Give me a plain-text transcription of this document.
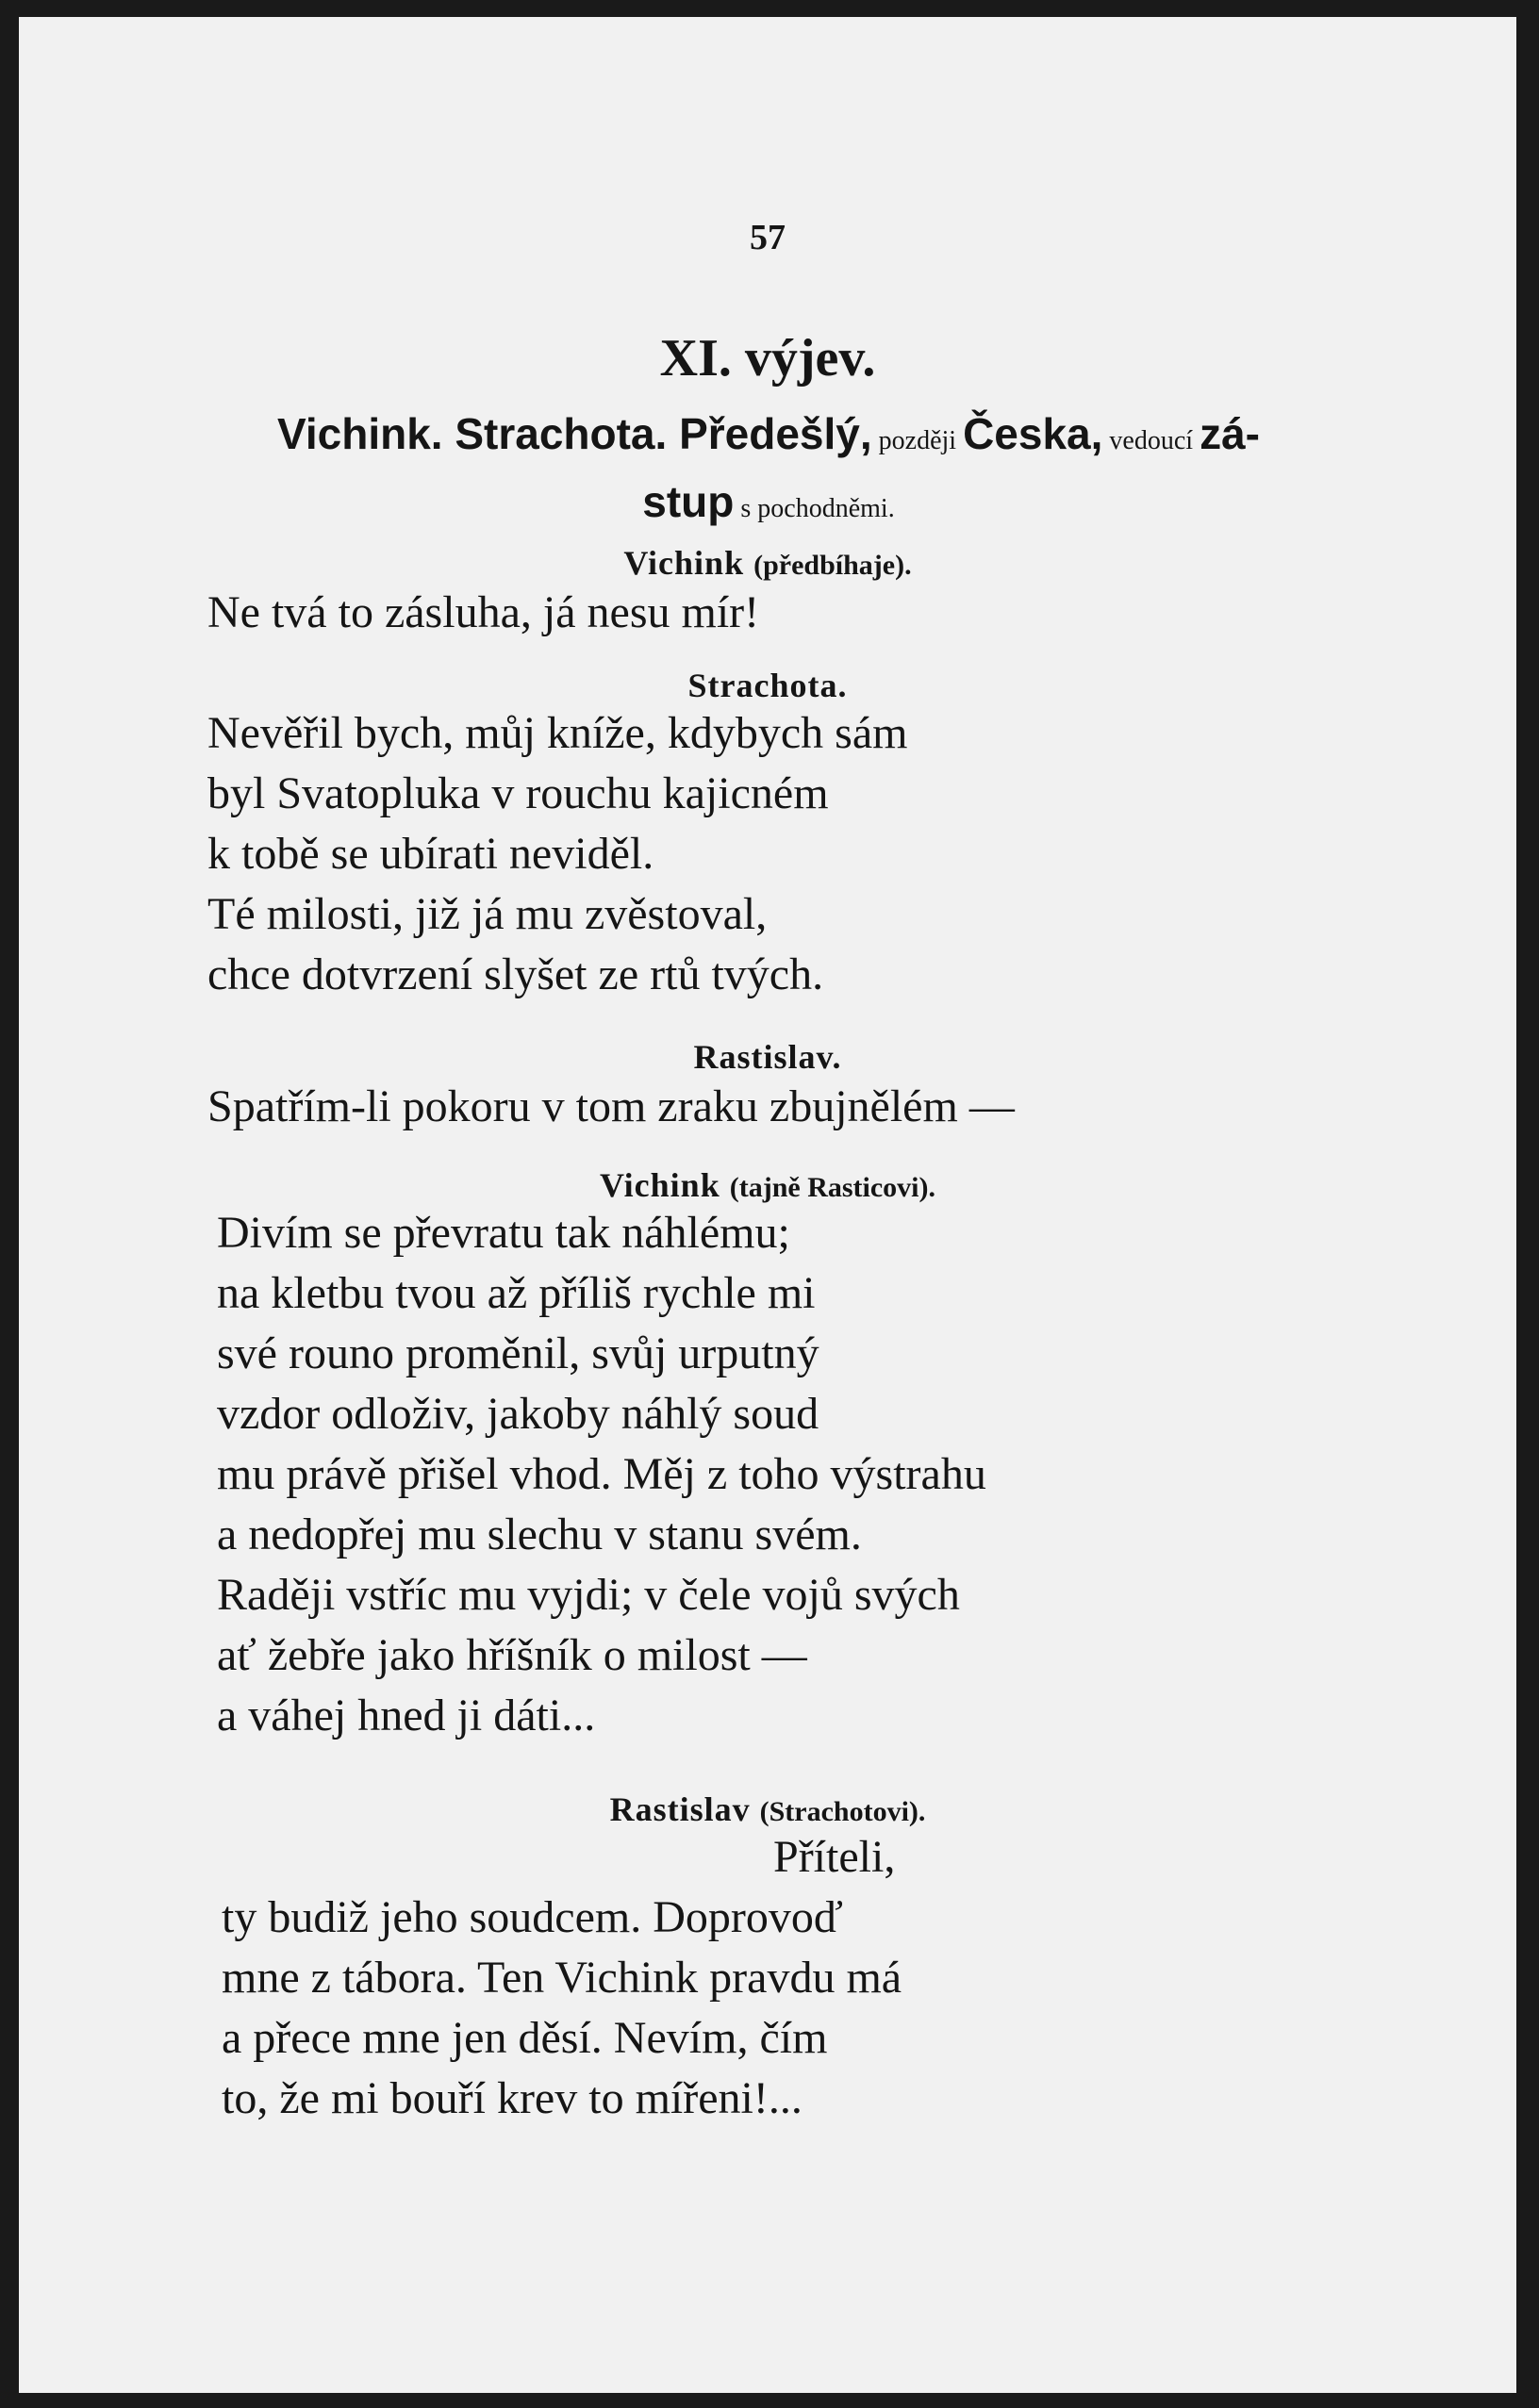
57
XI. výjev.
Vichink. Strachota. Předešlý, později Česka, vedoucí zá-
stup s pochodněmi.
Vichink (předbíhaje).
Ne tvá to zásluha, já nesu mír!
Strachota.
Nevěřil bych, můj kníže, kdybych sám
byl Svatopluka v rouchu kajicném
k tobě se ubírati neviděl.
Té milosti, již já mu zvěstoval,
chce dotvrzení slyšet ze rtů tvých.
Rastislav.
Spatřím-li pokoru v tom zraku zbujnělém —
Vichink (tajně Rasticovi).
Divím se převratu tak náhlému;
na kletbu tvou až příliš rychle mi
své rouno proměnil, svůj urputný
vzdor odloživ, jakoby náhlý soud
mu právě přišel vhod. Měj z toho výstrahu
a nedopřej mu slechu v stanu svém.
Raději vstříc mu vyjdi; v čele vojů svých
ať žebře jako hříšník o milost —
a váhej hned ji dáti...
Rastislav (Strachotovi).
Příteli,
ty budiž jeho soudcem. Doprovoď
mne z tábora. Ten Vichink pravdu má
a přece mne jen děsí. Nevím, čím
to, že mi bouří krev to mířeni!...
